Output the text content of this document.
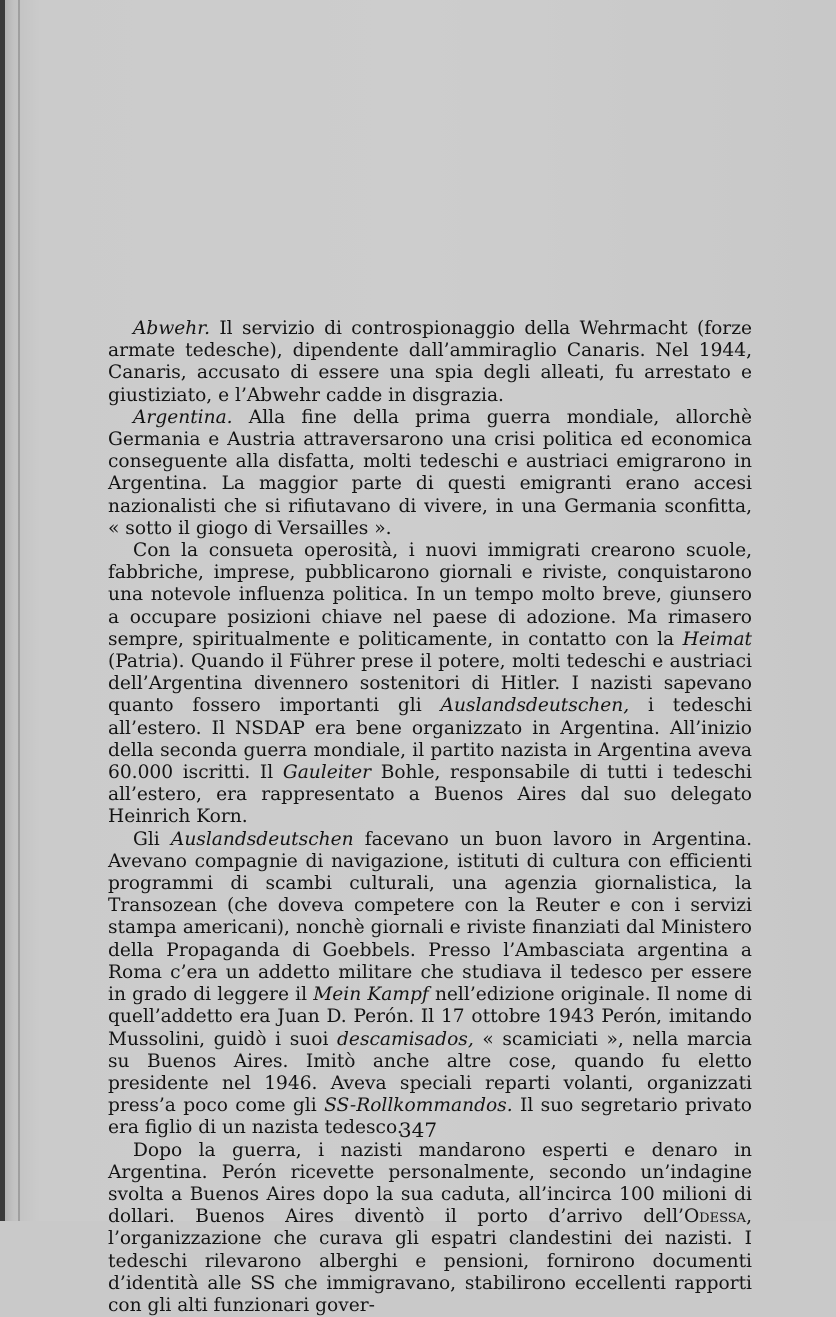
Abwehr. Il servizio di controspionaggio della Wehrmacht (forze armate tedesche), dipendente dall’ammiraglio Canaris. Nel 1944, Canaris, accusato di essere una spia degli alleati, fu arrestato e giustiziato, e l’Abwehr cadde in disgrazia.

Argentina. Alla fine della prima guerra mondiale, allorchè Germania e Austria attraversarono una crisi politica ed economica conseguente alla disfatta, molti tedeschi e austriaci emigrarono in Argentina. La maggior parte di questi emigranti erano accesi nazionalisti che si rifiutavano di vivere, in una Germania sconfitta, « sotto il giogo di Versailles ».

Con la consueta operosità, i nuovi immigrati crearono scuole, fabbriche, imprese, pubblicarono giornali e riviste, conquistarono una notevole influenza politica. In un tempo molto breve, giunsero a occupare posizioni chiave nel paese di adozione. Ma rimasero sempre, spiritualmente e politicamente, in contatto con la Heimat (Patria). Quando il Führer prese il potere, molti tedeschi e austriaci dell’Argentina divennero sostenitori di Hitler. I nazisti sapevano quanto fossero importanti gli Auslandsdeutschen, i tedeschi all’estero. Il NSDAP era bene organizzato in Argentina. All’inizio della seconda guerra mondiale, il partito nazista in Argentina aveva 60.000 iscritti. Il Gauleiter Bohle, responsabile di tutti i tedeschi all’estero, era rappresentato a Buenos Aires dal suo delegato Heinrich Korn.

Gli Auslandsdeutschen facevano un buon lavoro in Argentina. Avevano compagnie di navigazione, istituti di cultura con efficienti programmi di scambi culturali, una agenzia giornalistica, la Transozean (che doveva competere con la Reuter e con i servizi stampa americani), nonchè giornali e riviste finanziati dal Ministero della Propaganda di Goebbels. Presso l’Ambasciata argentina a Roma c’era un addetto militare che studiava il tedesco per essere in grado di leggere il Mein Kampf nell’edizione originale. Il nome di quell’addetto era Juan D. Perón. Il 17 ottobre 1943 Perón, imitando Mussolini, guidò i suoi descamisados, « scamiciati », nella marcia su Buenos Aires. Imitò anche altre cose, quando fu eletto presidente nel 1946. Aveva speciali reparti volanti, organizzati press’a poco come gli SS-Rollkommandos. Il suo segretario privato era figlio di un nazista tedesco.

Dopo la guerra, i nazisti mandarono esperti e denaro in Argentina. Perón ricevette personalmente, secondo un’indagine svolta a Buenos Aires dopo la sua caduta, all’incirca 100 milioni di dollari. Buenos Aires diventò il porto d’arrivo dell’Odessa, l’organizzazione che curava gli espatri clandestini dei nazisti. I tedeschi rilevarono alberghi e pensioni, fornirono documenti d’identità alle SS che immigravano, stabilirono eccellenti rapporti con gli alti funzionari gover-

347
